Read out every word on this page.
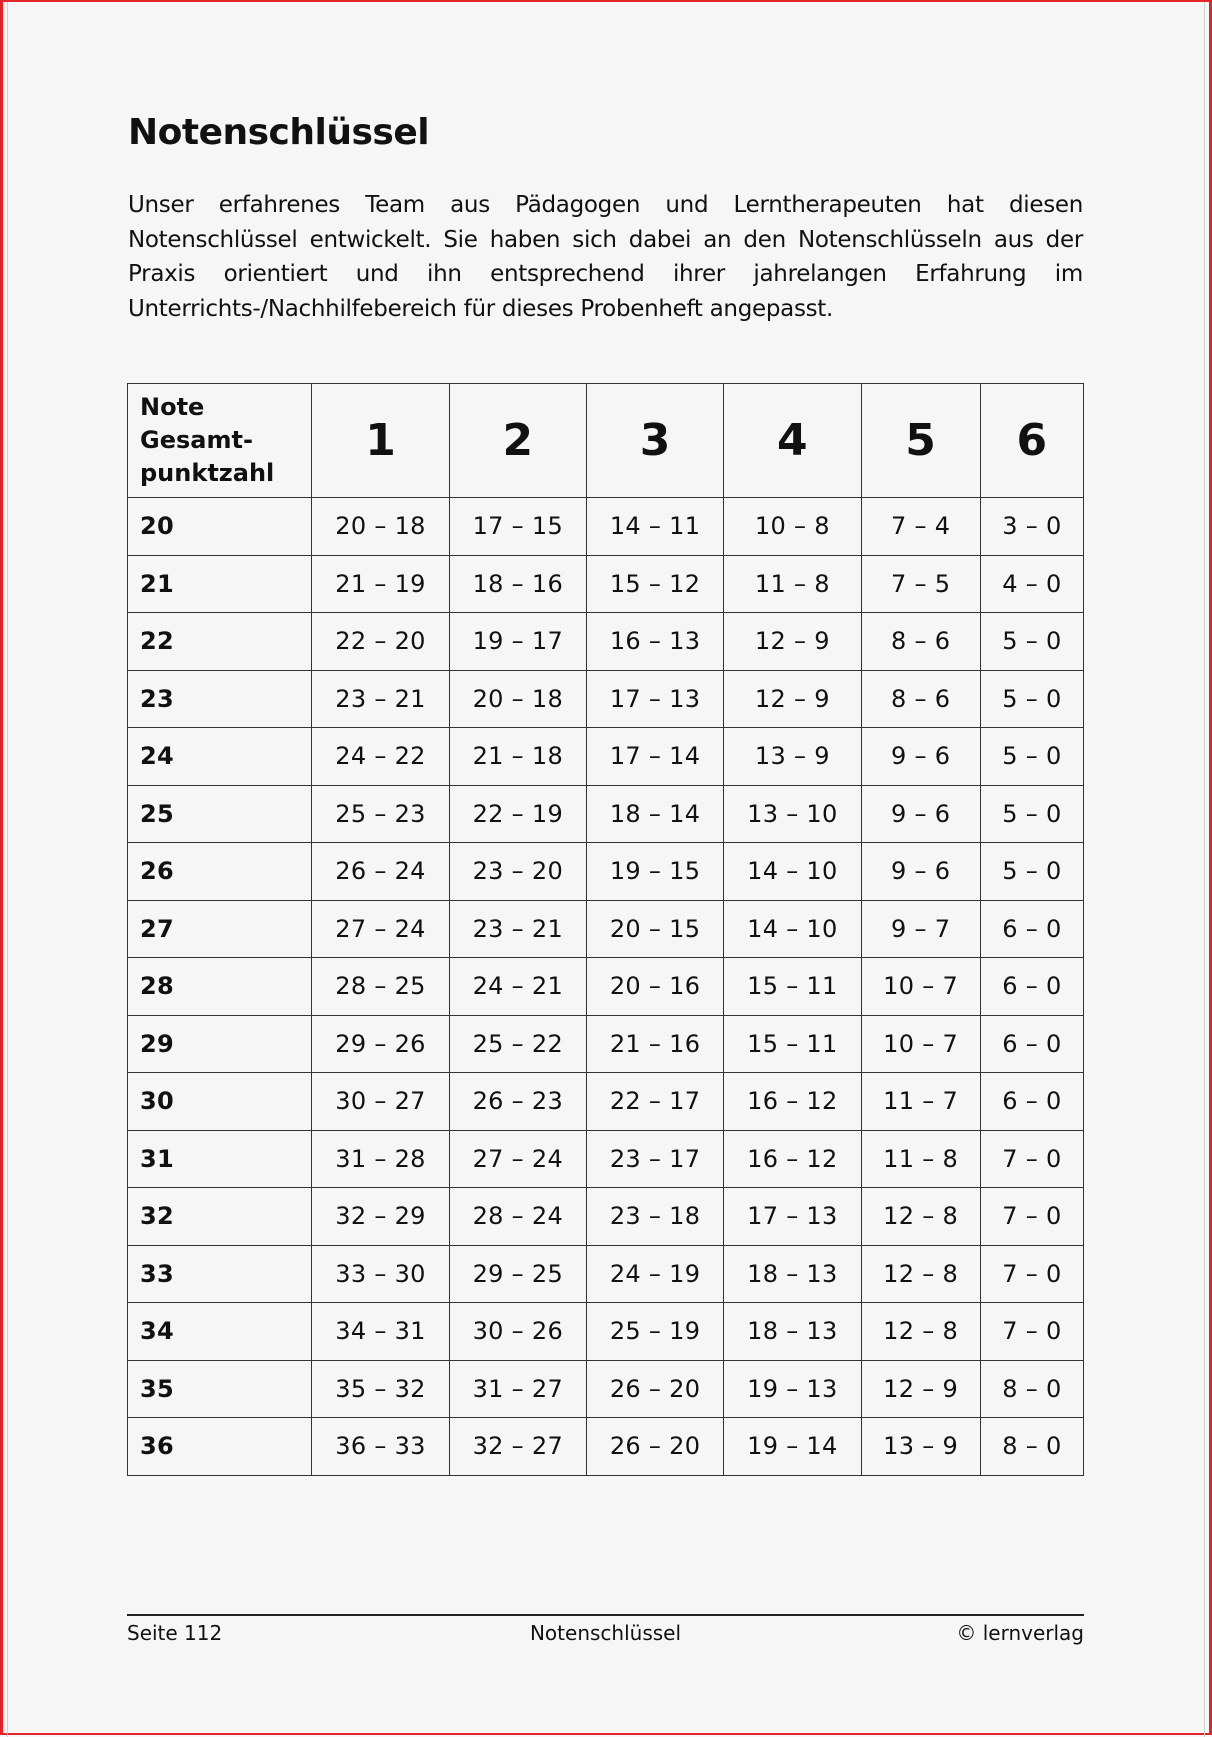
Notenschlüssel

Unser erfahrenes Team aus Pädagogen und Lerntherapeuten hat diesen Notenschlüssel entwickelt. Sie haben sich dabei an den Notenschlüsseln aus der Praxis orientiert und ihn entsprechend ihrer jahrelangen Erfahrung im Unterrichts-/Nachhilfebereich für dieses Probenheft angepasst.

Note
Gesamt-
punktzahl	1	2	3	4	5	6
20	20 – 18	17 – 15	14 – 11	10 – 8	7 – 4	3 – 0
21	21 – 19	18 – 16	15 – 12	11 – 8	7 – 5	4 – 0
22	22 – 20	19 – 17	16 – 13	12 – 9	8 – 6	5 – 0
23	23 – 21	20 – 18	17 – 13	12 – 9	8 – 6	5 – 0
24	24 – 22	21 – 18	17 – 14	13 – 9	9 – 6	5 – 0
25	25 – 23	22 – 19	18 – 14	13 – 10	9 – 6	5 – 0
26	26 – 24	23 – 20	19 – 15	14 – 10	9 – 6	5 – 0
27	27 – 24	23 – 21	20 – 15	14 – 10	9 – 7	6 – 0
28	28 – 25	24 – 21	20 – 16	15 – 11	10 – 7	6 – 0
29	29 – 26	25 – 22	21 – 16	15 – 11	10 – 7	6 – 0
30	30 – 27	26 – 23	22 – 17	16 – 12	11 – 7	6 – 0
31	31 – 28	27 – 24	23 – 17	16 – 12	11 – 8	7 – 0
32	32 – 29	28 – 24	23 – 18	17 – 13	12 – 8	7 – 0
33	33 – 30	29 – 25	24 – 19	18 – 13	12 – 8	7 – 0
34	34 – 31	30 – 26	25 – 19	18 – 13	12 – 8	7 – 0
35	35 – 32	31 – 27	26 – 20	19 – 13	12 – 9	8 – 0
36	36 – 33	32 – 27	26 – 20	19 – 14	13 – 9	8 – 0
Seite 112	Notenschlüssel	© lernverlag
